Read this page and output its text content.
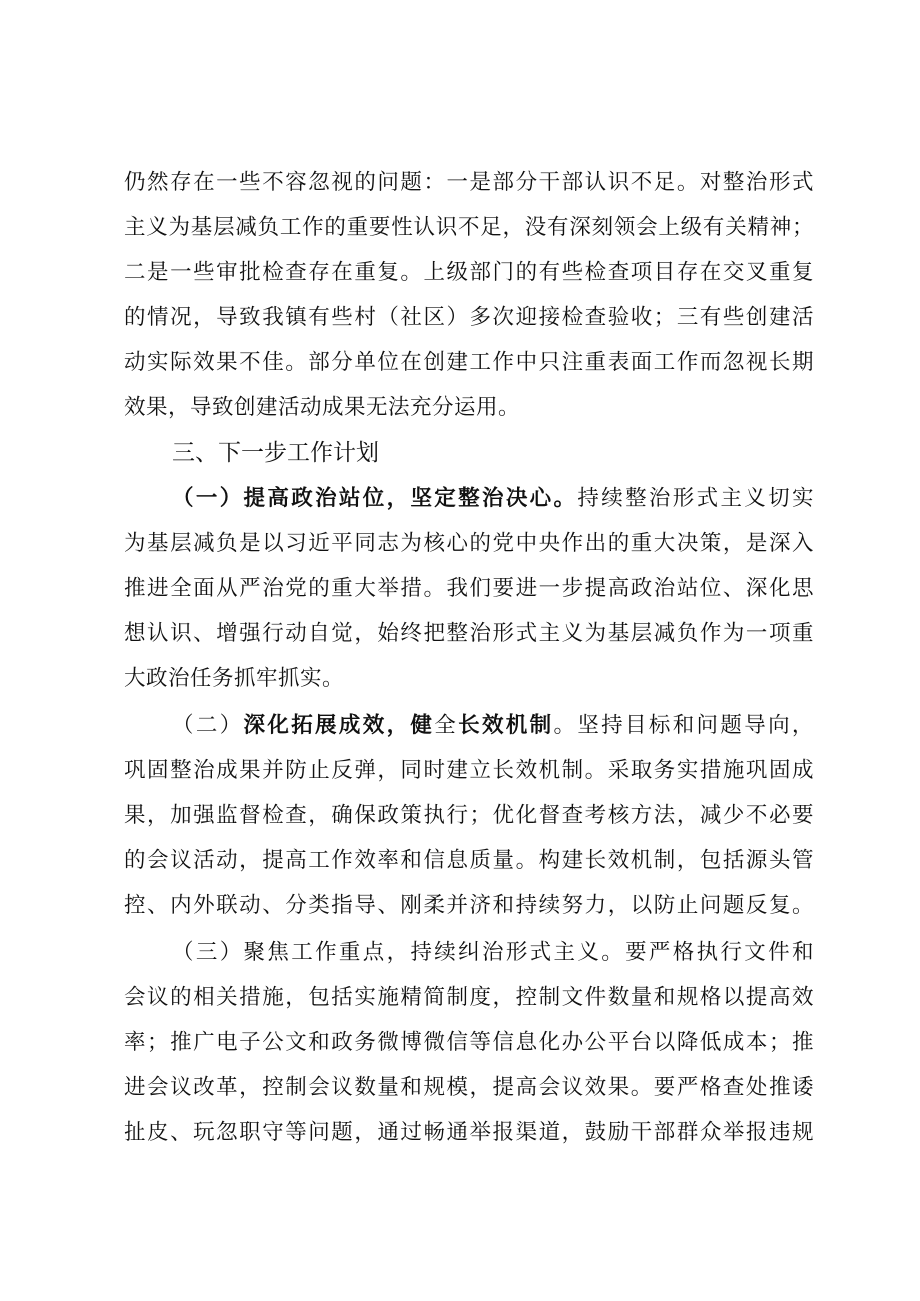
仍然存在一些不容忽视的问题：一是部分干部认识不足。对整治形式
主义为基层减负工作的重要性认识不足，没有深刻领会上级有关精神；
二是一些审批检查存在重复。上级部门的有些检查项目存在交叉重复
的情况，导致我镇有些村（社区）多次迎接检查验收；三有些创建活
动实际效果不佳。部分单位在创建工作中只注重表面工作而忽视长期
效果，导致创建活动成果无法充分运用。
三、下一步工作计划
（一）提高政治站位，坚定整治决心。持续整治形式主义切实
为基层减负是以习近平同志为核心的党中央作出的重大决策，是深入
推进全面从严治党的重大举措。我们要进一步提高政治站位、深化思
想认识、增强行动自觉，始终把整治形式主义为基层减负作为一项重
大政治任务抓牢抓实。
（二）深化拓展成效，健全长效机制。坚持目标和问题导向，
巩固整治成果并防止反弹，同时建立长效机制。采取务实措施巩固成
果，加强监督检查，确保政策执行；优化督查考核方法，减少不必要
的会议活动，提高工作效率和信息质量。构建长效机制，包括源头管
控、内外联动、分类指导、刚柔并济和持续努力，以防止问题反复。
（三）聚焦工作重点，持续纠治形式主义。要严格执行文件和
会议的相关措施，包括实施精简制度，控制文件数量和规格以提高效
率；推广电子公文和政务微博微信等信息化办公平台以降低成本；推
进会议改革，控制会议数量和规模，提高会议效果。要严格查处推诿
扯皮、玩忽职守等问题，通过畅通举报渠道，鼓励干部群众举报违规
